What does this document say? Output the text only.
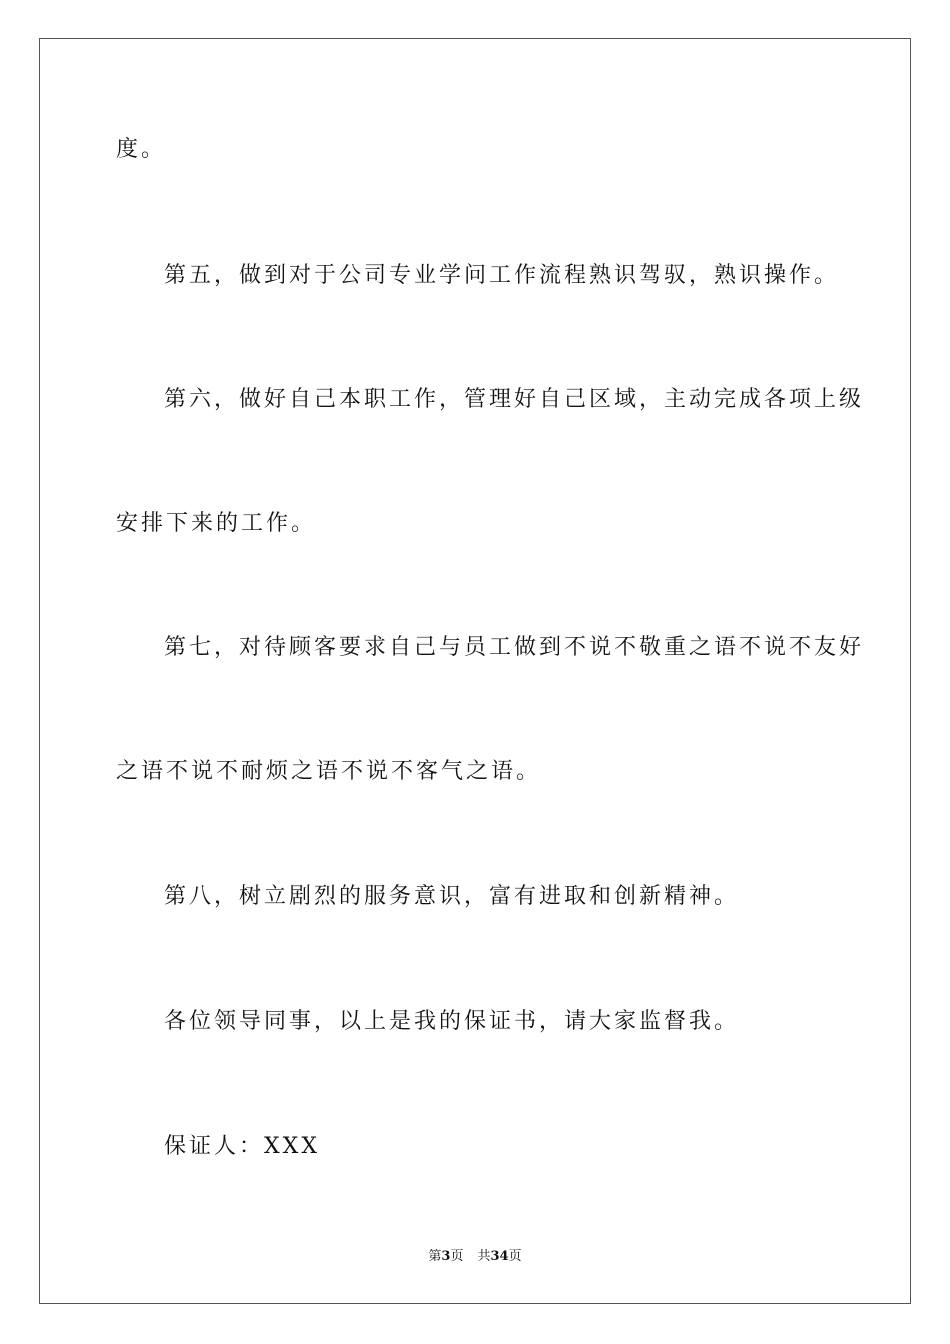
度。
第五，做到对于公司专业学问工作流程熟识驾驭，熟识操作。
第六，做好自己本职工作，管理好自己区域，主动完成各项上级
安排下来的工作。
第七，对待顾客要求自己与员工做到不说不敬重之语不说不友好
之语不说不耐烦之语不说不客气之语。
第八，树立剧烈的服务意识，富有进取和创新精神。
各位领导同事，以上是我的保证书，请大家监督我。
保证人：XXX
第3页 共34页
